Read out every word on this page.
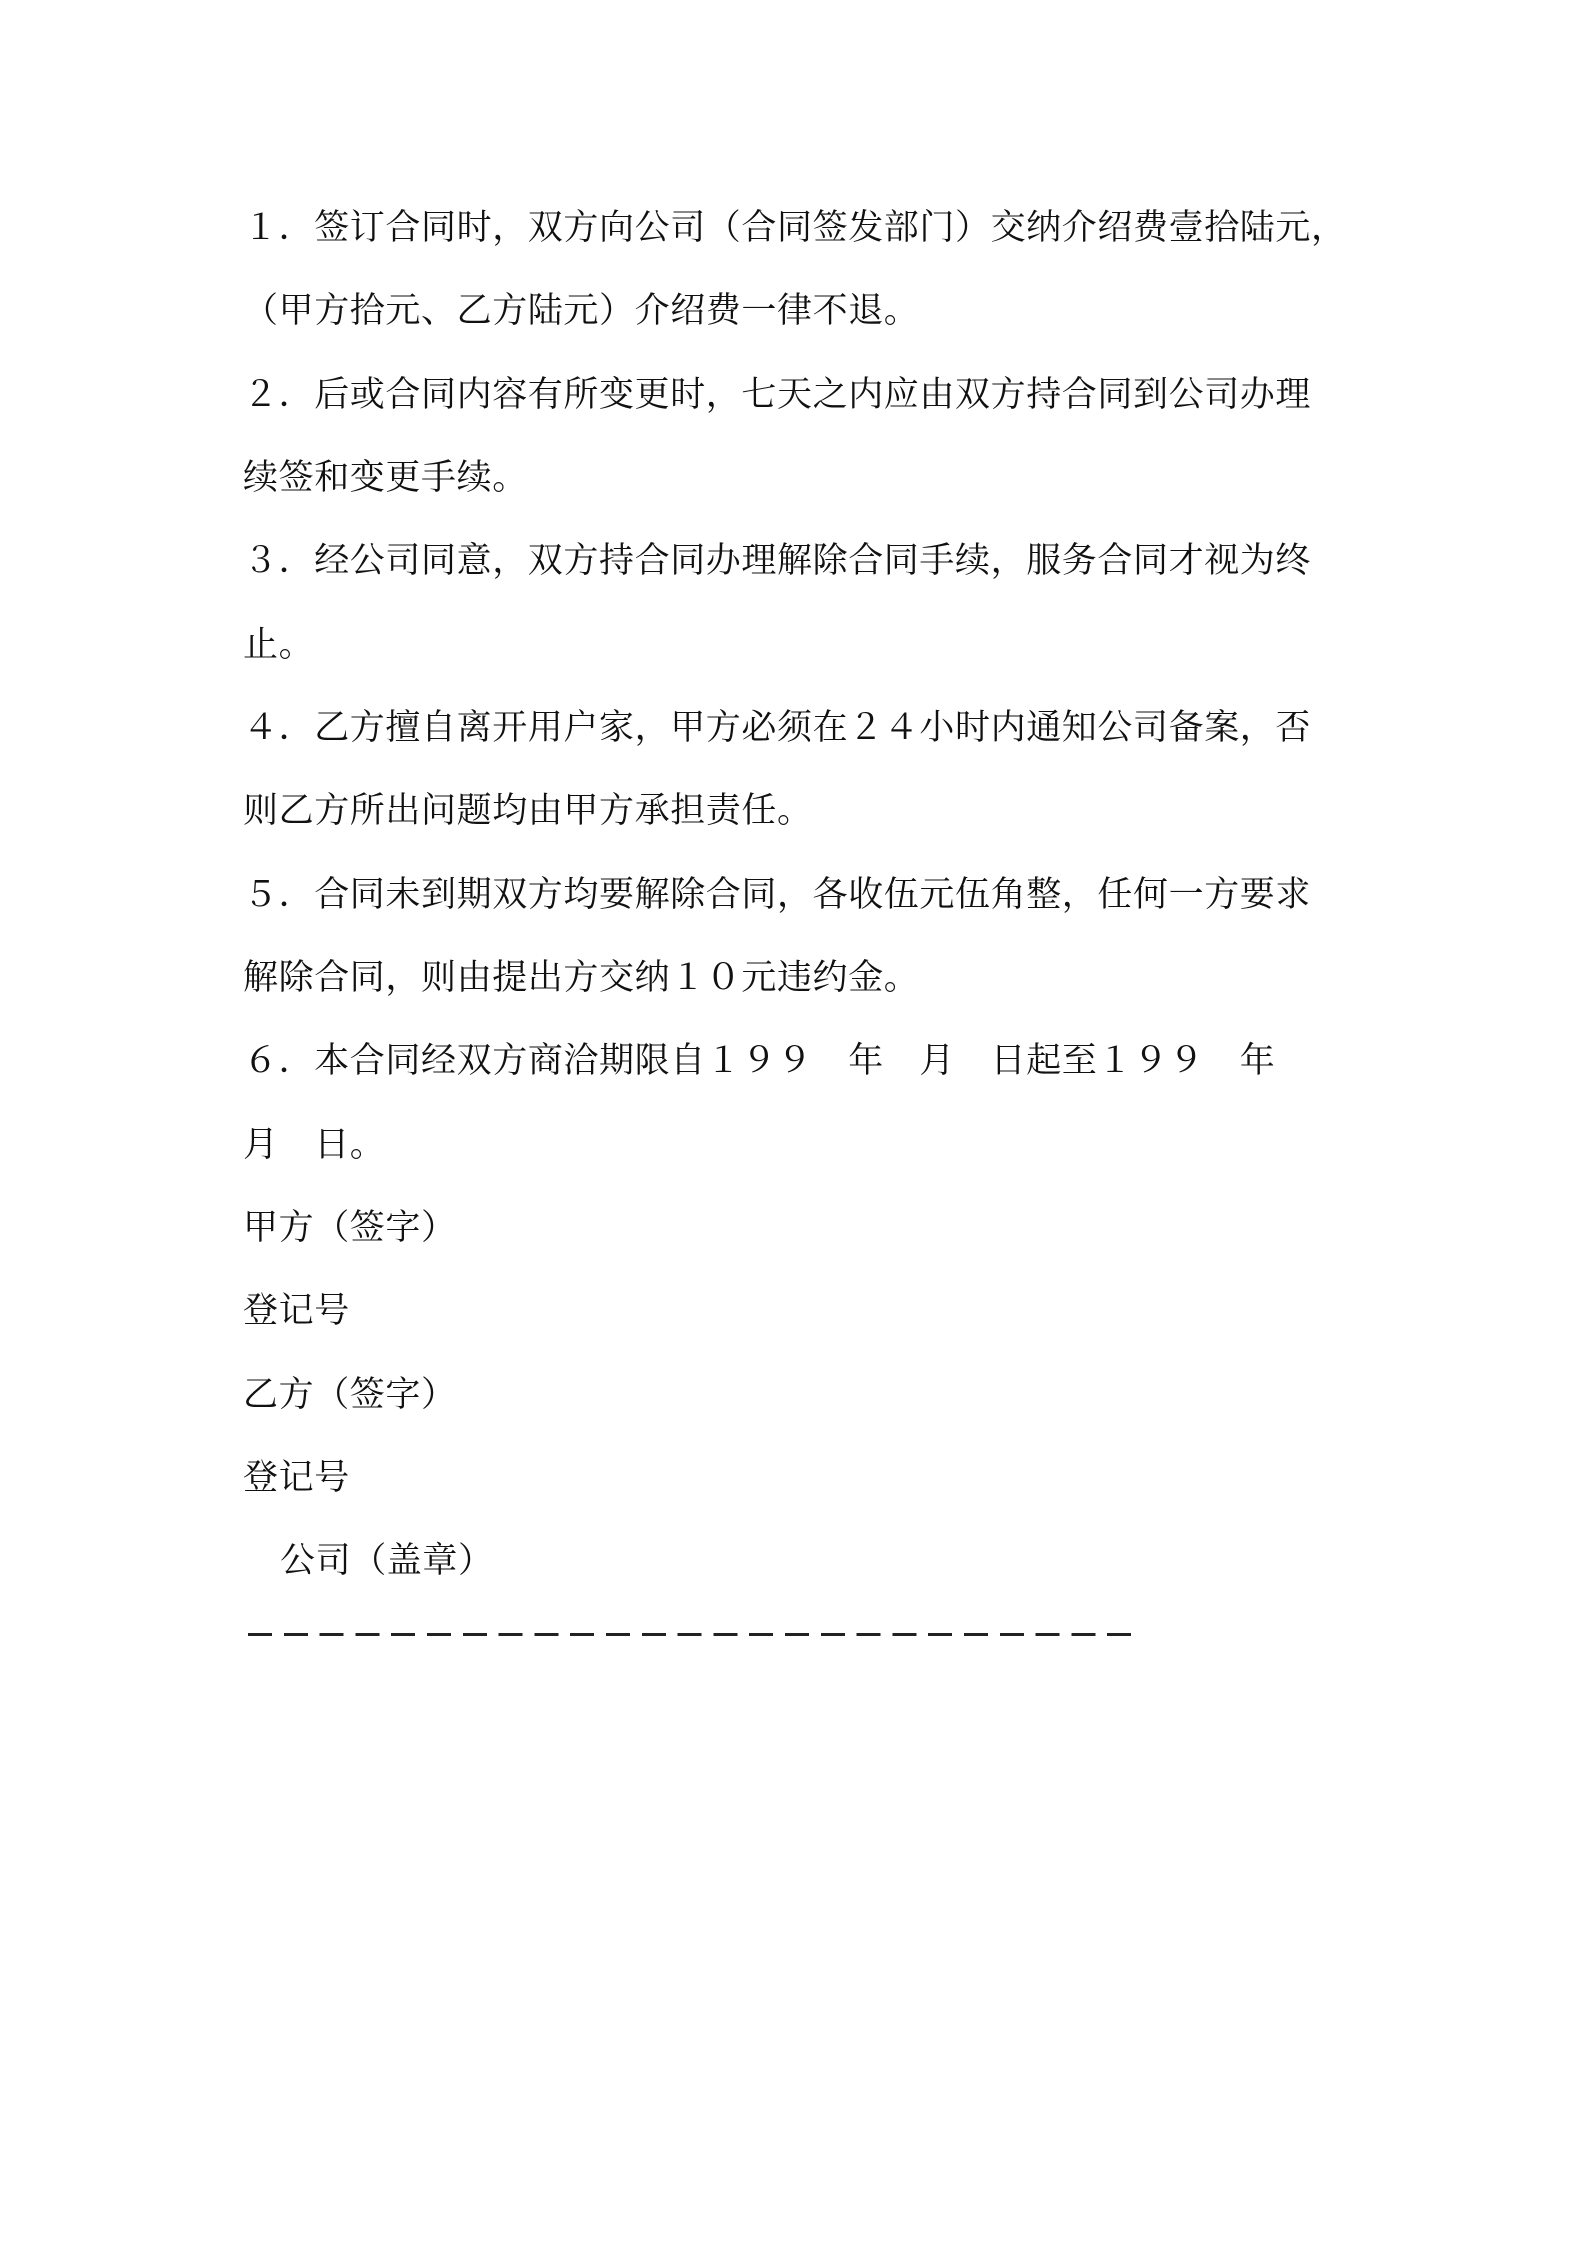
１．签订合同时，双方向公司（合同签发部门）交纳介绍费壹拾陆元，
（甲方拾元、乙方陆元）介绍费一律不退。
２．后或合同内容有所变更时，七天之内应由双方持合同到公司办理
续签和变更手续。
３．经公司同意，双方持合同办理解除合同手续，服务合同才视为终
止。
４．乙方擅自离开用户家，甲方必须在２４小时内通知公司备案，否
则乙方所出问题均由甲方承担责任。
５．合同未到期双方均要解除合同，各收伍元伍角整，任何一方要求
解除合同，则由提出方交纳１０元违约金。
６．本合同经双方商洽期限自１９９　年　月　日起至１９９　年
月　日。
甲方（签字）
登记号
乙方（签字）
登记号
公司（盖章）
